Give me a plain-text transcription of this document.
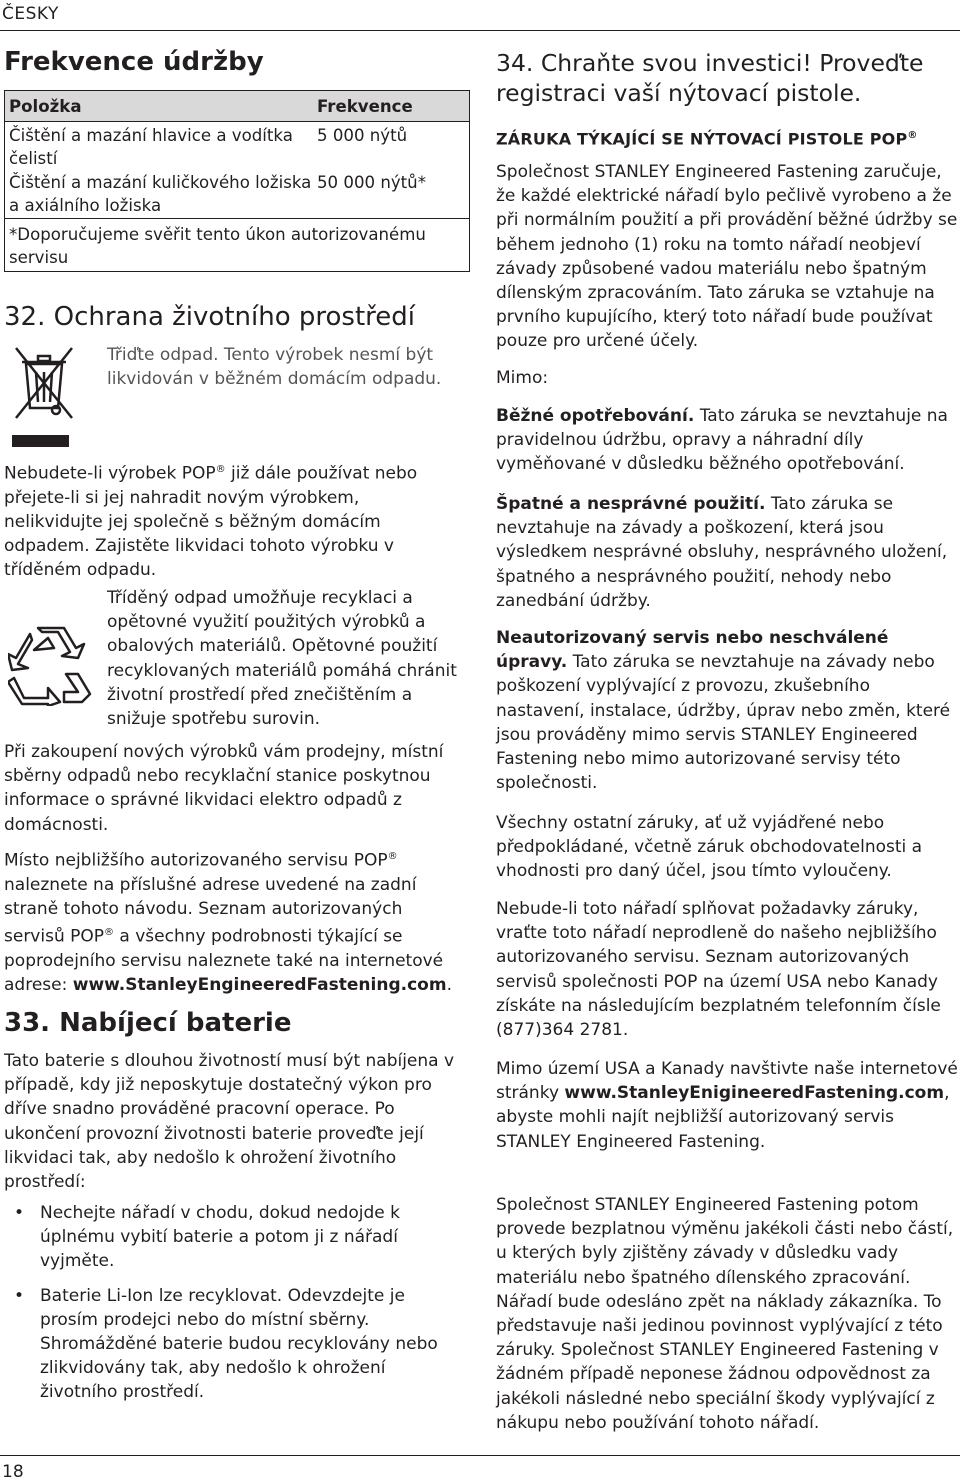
ČESKY
18
Frekvence údržby
Položka	Frekvence
Čištění a mazání hlavice a vodítka čelistí
5 000 nýtů
Čištění a mazání kuličkového ložiska a axiálního ložiska
50 000 nýtů*
*Doporučujeme svěřit tento úkon autorizovanému servisu
32. Ochrana životního prostředí

Třiďte odpad. Tento výrobek nesmí být likvidován v běžném domácím odpadu.

Nebudete-li výrobek POP® již dále používat nebo přejete-li si jej nahradit novým výrobkem, nelikvidujte jej společně s běžným domácím odpadem. Zajistěte likvidaci tohoto výrobku v tříděném odpadu.

Tříděný odpad umožňuje recyklaci a opětovné využití použitých výrobků a obalových materiálů. Opětovné použití recyklovaných materiálů pomáhá chránit životní prostředí před znečištěním a snižuje spotřebu surovin.

Při zakoupení nových výrobků vám prodejny, místní sběrny odpadů nebo recyklační stanice poskytnou informace o správné likvidaci elektro odpadů z domácnosti.

Místo nejbližšího autorizovaného servisu POP® naleznete na příslušné adrese uvedené na zadní straně tohoto návodu. Seznam autorizovaných servisů POP® a všechny podrobnosti týkající se poprodejního servisu naleznete také na internetové adrese: www.StanleyEngineeredFastening.com.

33. Nabíjecí baterie

Tato baterie s dlouhou životností musí být nabíjena v případě, kdy již neposkytuje dostatečný výkon pro dříve snadno prováděné pracovní operace. Po ukončení provozní životnosti baterie proveďte její likvidaci tak, aby nedošlo k ohrožení životního prostředí:

• Nechejte nářadí v chodu, dokud nedojde k úplnému vybití baterie a potom ji z nářadí vyjměte.
• Baterie Li-Ion lze recyklovat. Odevzdejte je prosím prodejci nebo do místní sběrny. Shromážděné baterie budou recyklovány nebo zlikvidovány tak, aby nedošlo k ohrožení životního prostředí.
34. Chraňte svou investici! Proveďte registraci vaší nýtovací pistole.

ZÁRUKA TÝKAJÍCÍ SE NÝTOVACÍ PISTOLE POP®

Společnost STANLEY Engineered Fastening zaručuje, že každé elektrické nářadí bylo pečlivě vyrobeno a že při normálním použití a při provádění běžné údržby se během jednoho (1) roku na tomto nářadí neobjeví závady způsobené vadou materiálu nebo špatným dílenským zpracováním. Tato záruka se vztahuje na prvního kupujícího, který toto nářadí bude používat pouze pro určené účely.

Mimo:

Běžné opotřebování. Tato záruka se nevztahuje na pravidelnou údržbu, opravy a náhradní díly vyměňované v důsledku běžného opotřebování.

Špatné a nesprávné použití. Tato záruka se nevztahuje na závady a poškození, která jsou výsledkem nesprávné obsluhy, nesprávného uložení, špatného a nesprávného použití, nehody nebo zanedbání údržby.

Neautorizovaný servis nebo neschválené úpravy. Tato záruka se nevztahuje na závady nebo poškození vyplývající z provozu, zkušebního nastavení, instalace, údržby, úprav nebo změn, které jsou prováděny mimo servis STANLEY Engineered Fastening nebo mimo autorizované servisy této společnosti.

Všechny ostatní záruky, ať už vyjádřené nebo předpokládané, včetně záruk obchodovatelnosti a vhodnosti pro daný účel, jsou tímto vyloučeny.

Nebude-li toto nářadí splňovat požadavky záruky, vraťte toto nářadí neprodleně do našeho nejbližšího autorizovaného servisu. Seznam autorizovaných servisů společnosti POP na území USA nebo Kanady získáte na následujícím bezplatném telefonním čísle (877)364 2781.

Mimo území USA a Kanady navštivte naše internetové stránky www.StanleyEnigineeredFastening.com, abyste mohli najít nejbližší autorizovaný servis STANLEY Engineered Fastening.

Společnost STANLEY Engineered Fastening potom provede bezplatnou výměnu jakékoli části nebo částí, u kterých byly zjištěny závady v důsledku vady materiálu nebo špatného dílenského zpracování. Nářadí bude odesláno zpět na náklady zákazníka. To představuje naši jedinou povinnost vyplývající z této záruky. Společnost STANLEY Engineered Fastening v žádném případě neponese žádnou odpovědnost za jakékoli následné nebo speciální škody vyplývající z nákupu nebo používání tohoto nářadí.
